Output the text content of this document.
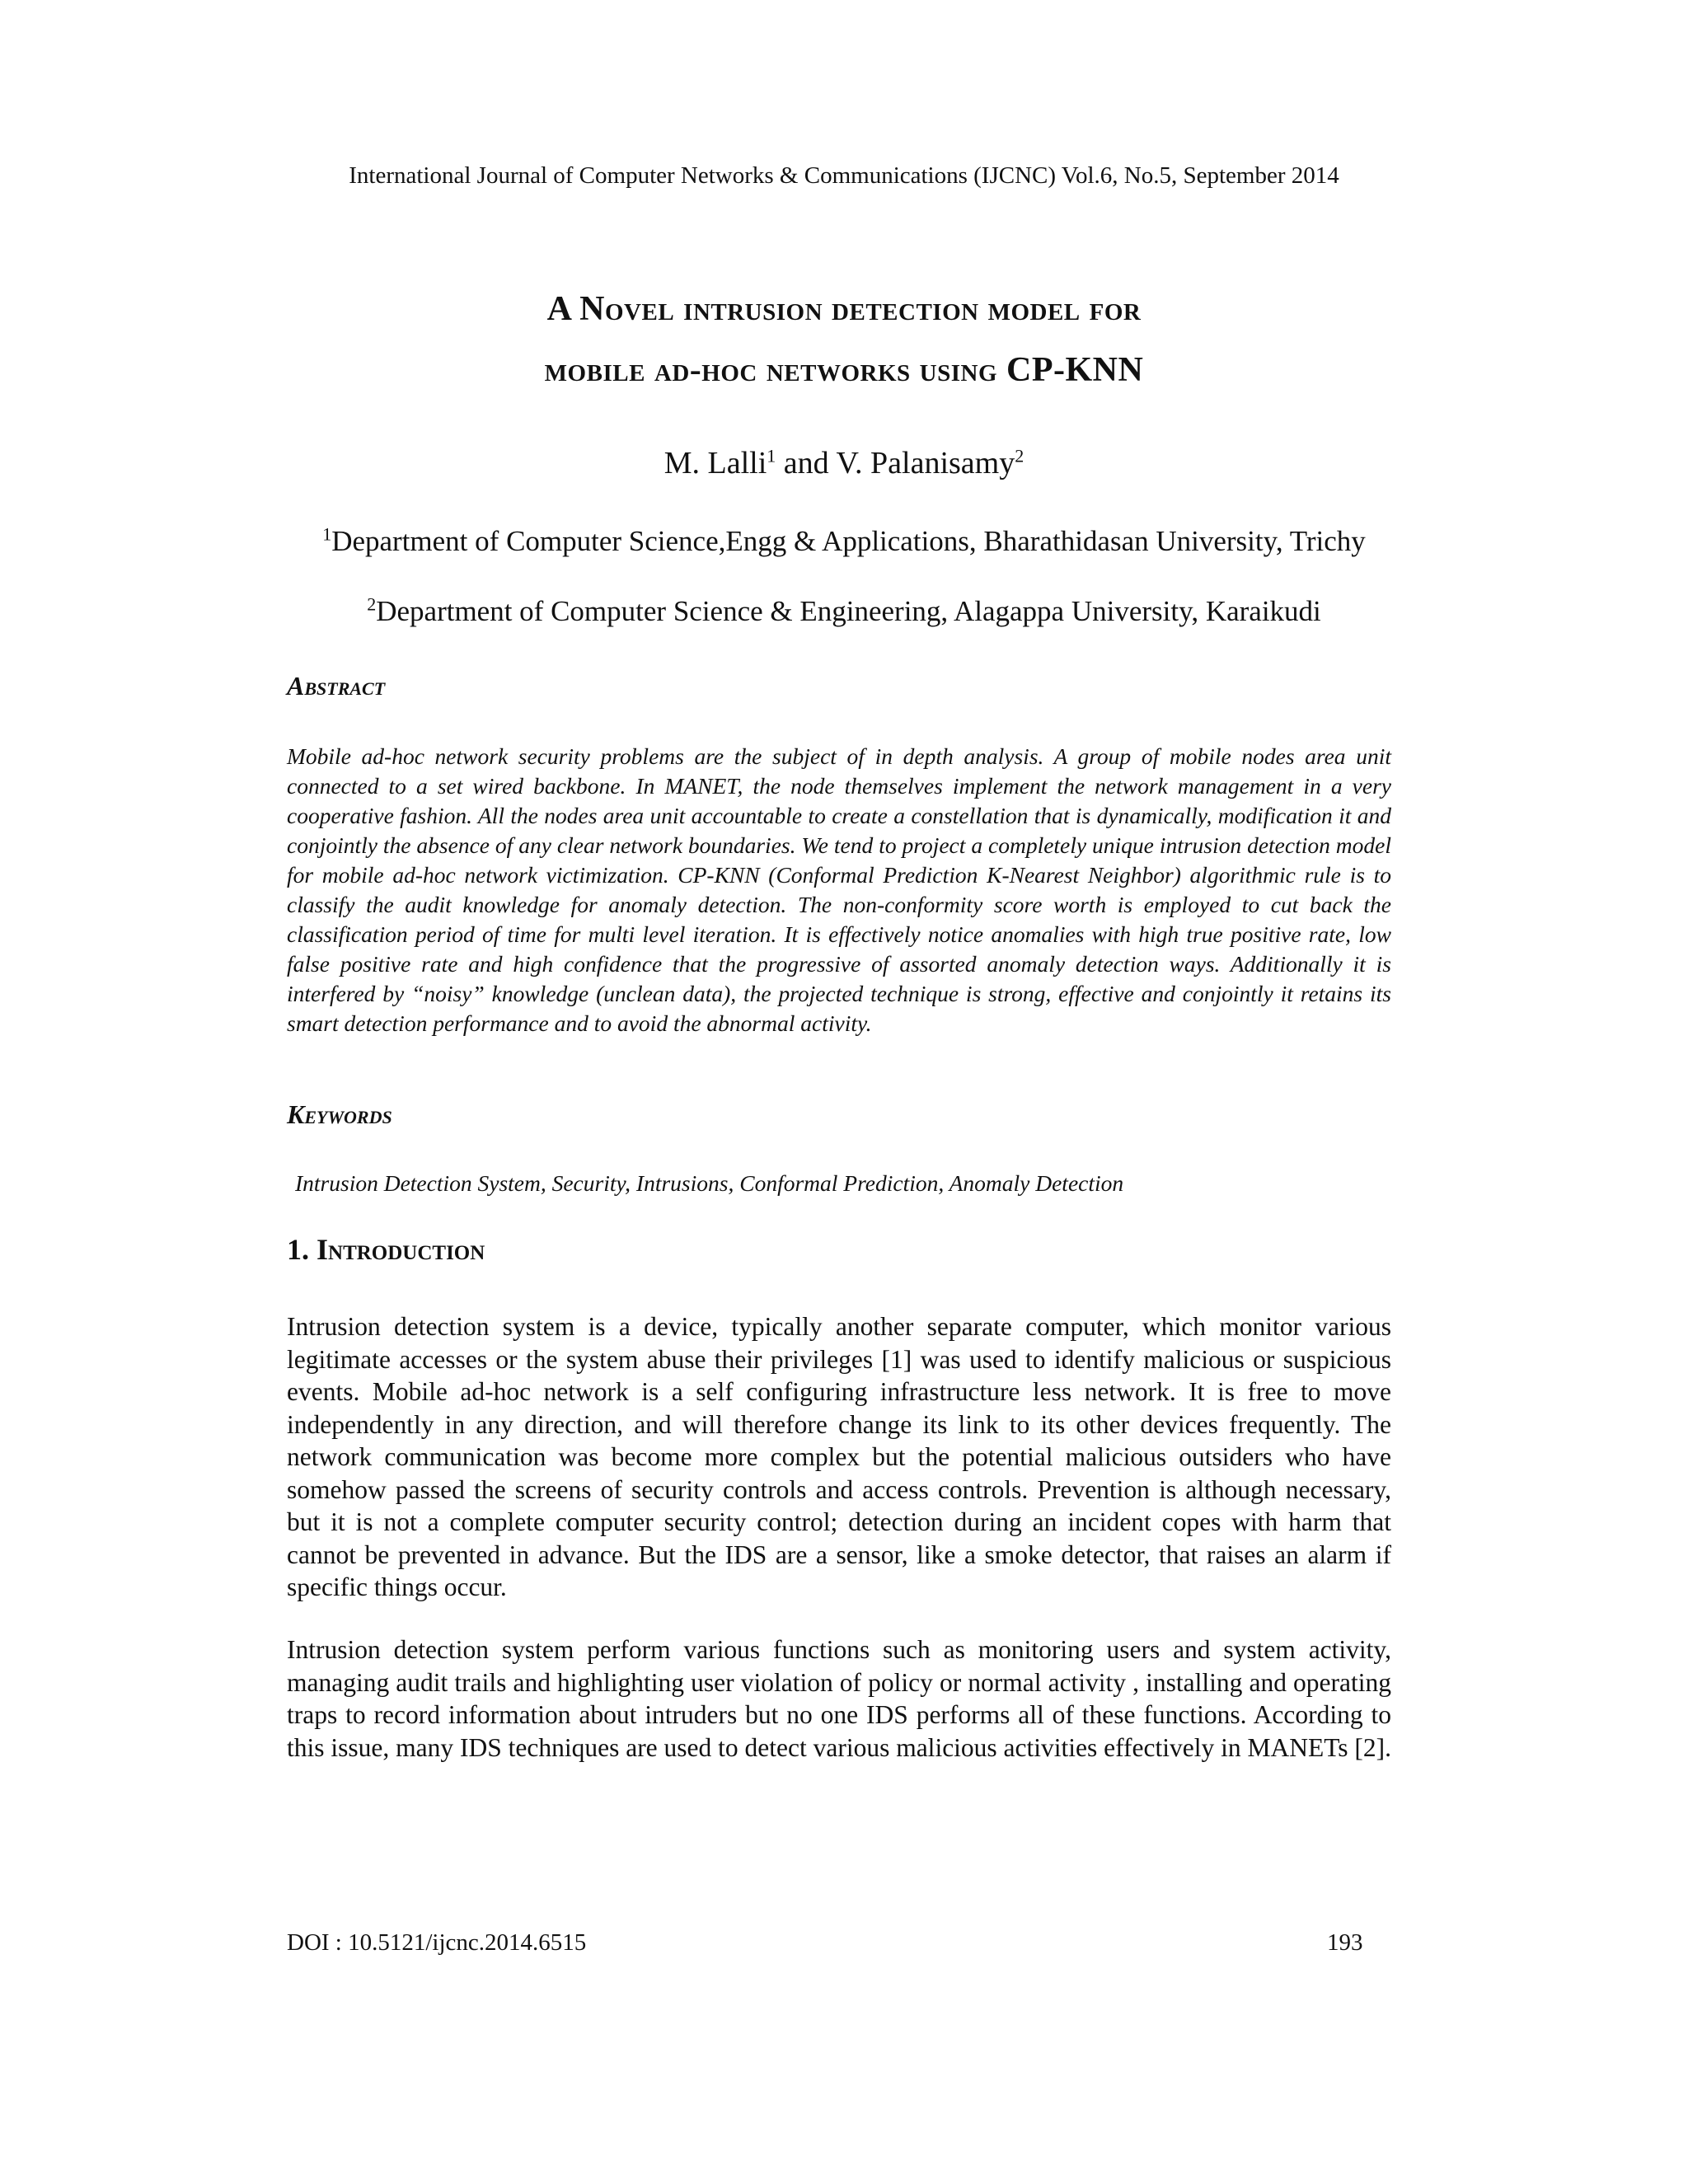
International Journal of Computer Networks & Communications (IJCNC) Vol.6, No.5, September 2014
A Novel intrusion detection model for
mobile ad-hoc networks using CP-KNN
M. Lalli$^1$ and V. Palanisamy$^2$
$^1$Department of Computer Science,Engg & Applications, Bharathidasan University, Trichy
$^2$Department of Computer Science & Engineering, Alagappa University, Karaikudi
Abstract
Mobile ad-hoc network security problems are the subject of in depth analysis. A group of mobile nodes area unit connected to a set wired backbone. In MANET, the node themselves implement the network management in a very cooperative fashion. All the nodes area unit accountable to create a constellation that is dynamically, modification it and conjointly the absence of any clear network boundaries. We tend to project a completely unique intrusion detection model for mobile ad-hoc network victimization. CP-KNN (Conformal Prediction K-Nearest Neighbor) algorithmic rule is to classify the audit knowledge for anomaly detection. The non-conformity score worth is employed to cut back the classification period of time for multi level iteration. It is effectively notice anomalies with high true positive rate, low false positive rate and high confidence that the progressive of assorted anomaly detection ways. Additionally it is interfered by “noisy” knowledge (unclean data), the projected technique is strong, effective and conjointly it retains its smart detection performance and to avoid the abnormal activity.
Keywords
Intrusion Detection System, Security, Intrusions, Conformal Prediction, Anomaly Detection
1. Introduction
Intrusion detection system is a device, typically another separate computer, which monitor various legitimate accesses or the system abuse their privileges [1] was used to identify malicious or suspicious events. Mobile ad-hoc network is a self configuring infrastructure less network. It is free to move independently in any direction, and will therefore change its link to its other devices frequently. The network communication was become more complex but the potential malicious outsiders who have somehow passed the screens of security controls and access controls. Prevention is although necessary, but it is not a complete computer security control; detection during an incident copes with harm that cannot be prevented in advance. But the IDS are a sensor, like a smoke detector, that raises an alarm if specific things occur.
Intrusion detection system perform various functions such as monitoring users and system activity, managing audit trails and highlighting user violation of policy or normal activity , installing and operating traps to record information about intruders but no one IDS performs all of these functions. According to this issue, many IDS techniques are used to detect various malicious activities effectively in MANETs [2].
DOI : 10.5121/ijcnc.2014.6515	193
